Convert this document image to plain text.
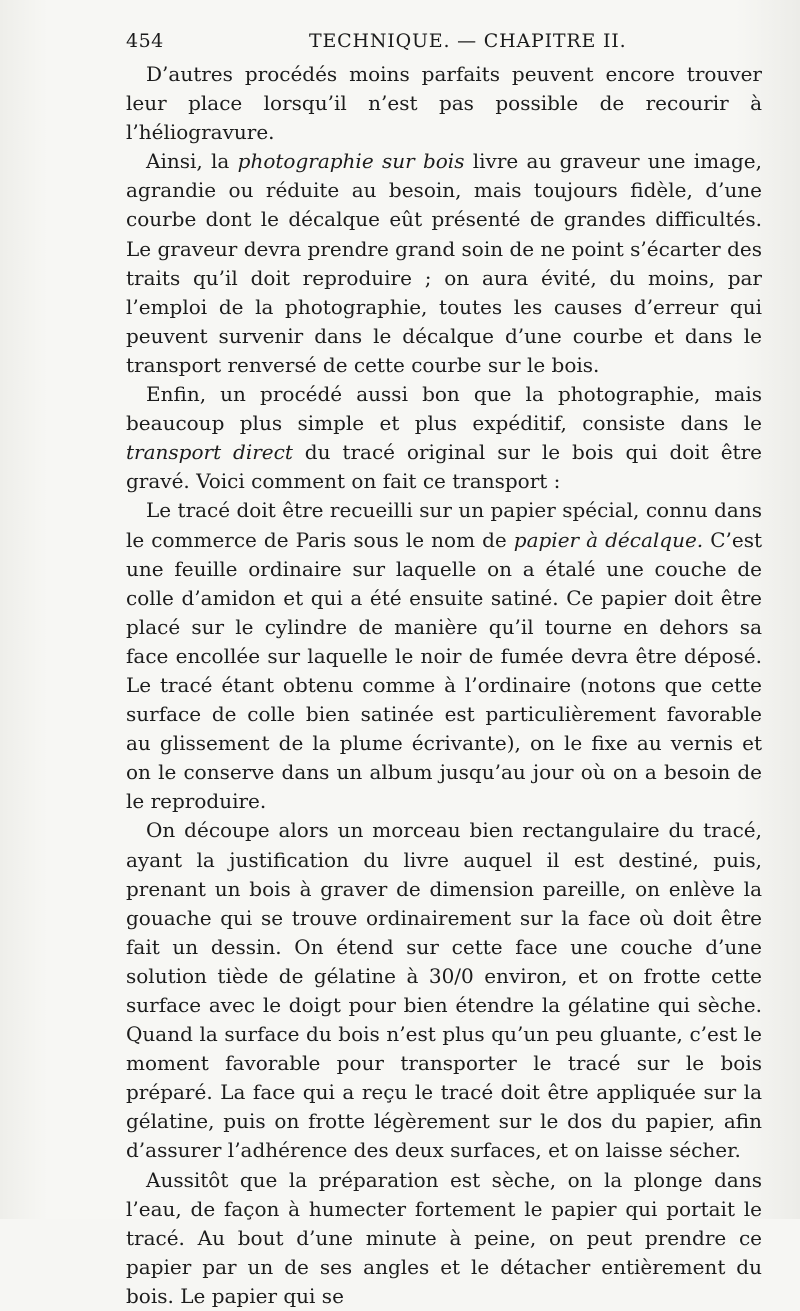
454	TECHNIQUE. — CHAPITRE II.

D’autres procédés moins parfaits peuvent encore trouver leur place lorsqu’il n’est pas possible de recourir à l’héliogravure.

Ainsi, la photographie sur bois livre au graveur une image, agrandie ou réduite au besoin, mais toujours fidèle, d’une courbe dont le décalque eût présenté de grandes difficultés. Le graveur devra prendre grand soin de ne point s’écarter des traits qu’il doit reproduire ; on aura évité, du moins, par l’emploi de la photographie, toutes les causes d’erreur qui peuvent survenir dans le décalque d’une courbe et dans le transport renversé de cette courbe sur le bois.

Enfin, un procédé aussi bon que la photographie, mais beaucoup plus simple et plus expéditif, consiste dans le transport direct du tracé original sur le bois qui doit être gravé. Voici comment on fait ce transport :

Le tracé doit être recueilli sur un papier spécial, connu dans le commerce de Paris sous le nom de papier à décalque. C’est une feuille ordinaire sur laquelle on a étalé une couche de colle d’amidon et qui a été ensuite satiné. Ce papier doit être placé sur le cylindre de manière qu’il tourne en dehors sa face encollée sur laquelle le noir de fumée devra être déposé. Le tracé étant obtenu comme à l’ordinaire (notons que cette surface de colle bien satinée est particulièrement favorable au glissement de la plume écrivante), on le fixe au vernis et on le conserve dans un album jusqu’au jour où on a besoin de le reproduire.

On découpe alors un morceau bien rectangulaire du tracé, ayant la justification du livre auquel il est destiné, puis, prenant un bois à graver de dimension pareille, on enlève la gouache qui se trouve ordinairement sur la face où doit être fait un dessin. On étend sur cette face une couche d’une solution tiède de gélatine à 30/0 environ, et on frotte cette surface avec le doigt pour bien étendre la gélatine qui sèche. Quand la surface du bois n’est plus qu’un peu gluante, c’est le moment favorable pour transporter le tracé sur le bois préparé. La face qui a reçu le tracé doit être appliquée sur la gélatine, puis on frotte légèrement sur le dos du papier, afin d’assurer l’adhérence des deux surfaces, et on laisse sécher.

Aussitôt que la préparation est sèche, on la plonge dans l’eau, de façon à humecter fortement le papier qui portait le tracé. Au bout d’une minute à peine, on peut prendre ce papier par un de ses angles et le détacher entièrement du bois. Le papier qui se
